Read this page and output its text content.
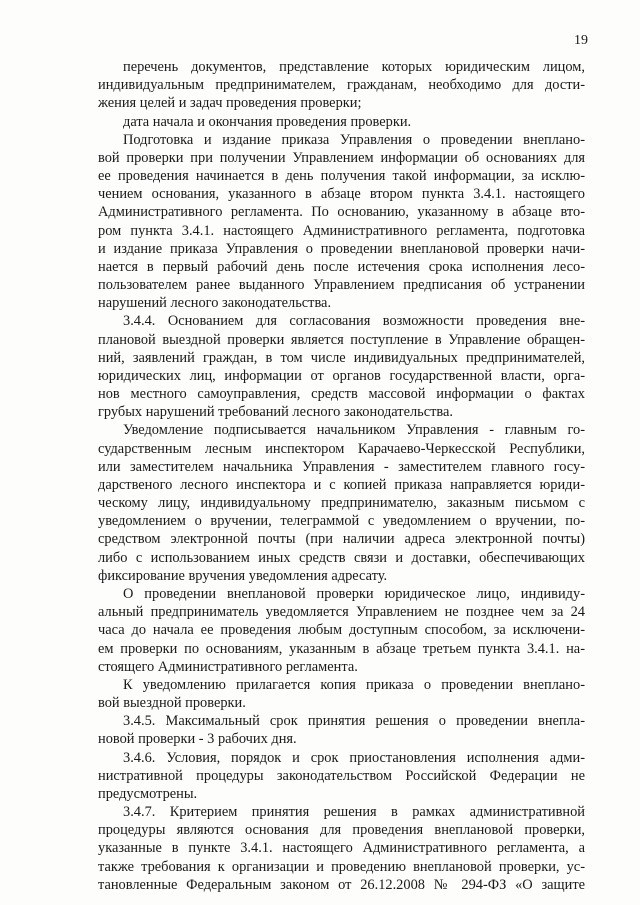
19
перечень документов, представление которых юридическим лицом,
индивидуальным предпринимателем, гражданам, необходимо для дости-
жения целей и задач проведения проверки;
дата начала и окончания проведения проверки.
Подготовка и издание приказа Управления о проведении внеплано-
вой проверки при получении Управлением информации об основаниях для
ее проведения начинается в день получения такой информации, за исклю-
чением основания, указанного в абзаце втором пункта 3.4.1. настоящего
Административного регламента. По основанию, указанному в абзаце вто-
ром пункта 3.4.1. настоящего Административного регламента, подготовка
и издание приказа Управления о проведении внеплановой проверки начи-
нается в первый рабочий день после истечения срока исполнения лесо-
пользователем ранее выданного Управлением предписания об устранении
нарушений лесного законодательства.
3.4.4. Основанием для согласования возможности проведения вне-
плановой выездной проверки является поступление в Управление обращен-
ний, заявлений граждан, в том числе индивидуальных предпринимателей,
юридических лиц, информации от органов государственной власти, орга-
нов местного самоуправления, средств массовой информации о фактах
грубых нарушений требований лесного законодательства.
Уведомление подписывается начальником Управления - главным го-
сударственным лесным инспектором Карачаево-Черкесской Республики,
или заместителем начальника Управления - заместителем главного госу-
дарственого лесного инспектора и с копией приказа направляется юриди-
ческому лицу, индивидуальному предпринимателю, заказным письмом с
уведомлением о вручении, телеграммой с уведомлением о вручении, по-
средством электронной почты (при наличии адреса электронной почты)
либо с использованием иных средств связи и доставки, обеспечивающих
фиксирование вручения уведомления адресату.
О проведении внеплановой проверки юридическое лицо, индивиду-
альный предприниматель уведомляется Управлением не позднее чем за 24
часа до начала ее проведения любым доступным способом, за исключени-
ем проверки по основаниям, указанным в абзаце третьем пункта 3.4.1. на-
стоящего Административного регламента.
К уведомлению прилагается копия приказа о проведении внеплано-
вой выездной проверки.
3.4.5. Максимальный срок принятия решения о проведении внепла-
новой проверки - 3 рабочих дня.
3.4.6. Условия, порядок и срок приостановления исполнения адми-
нистративной процедуры законодательством Российской Федерации не
предусмотрены.
3.4.7. Критерием принятия решения в рамках административной
процедуры являются основания для проведения внеплановой проверки,
указанные в пункте 3.4.1. настоящего Административного регламента, а
также требования к организации и проведению внеплановой проверки, ус-
тановленные Федеральным законом от 26.12.2008 № 294-ФЗ «О защите
